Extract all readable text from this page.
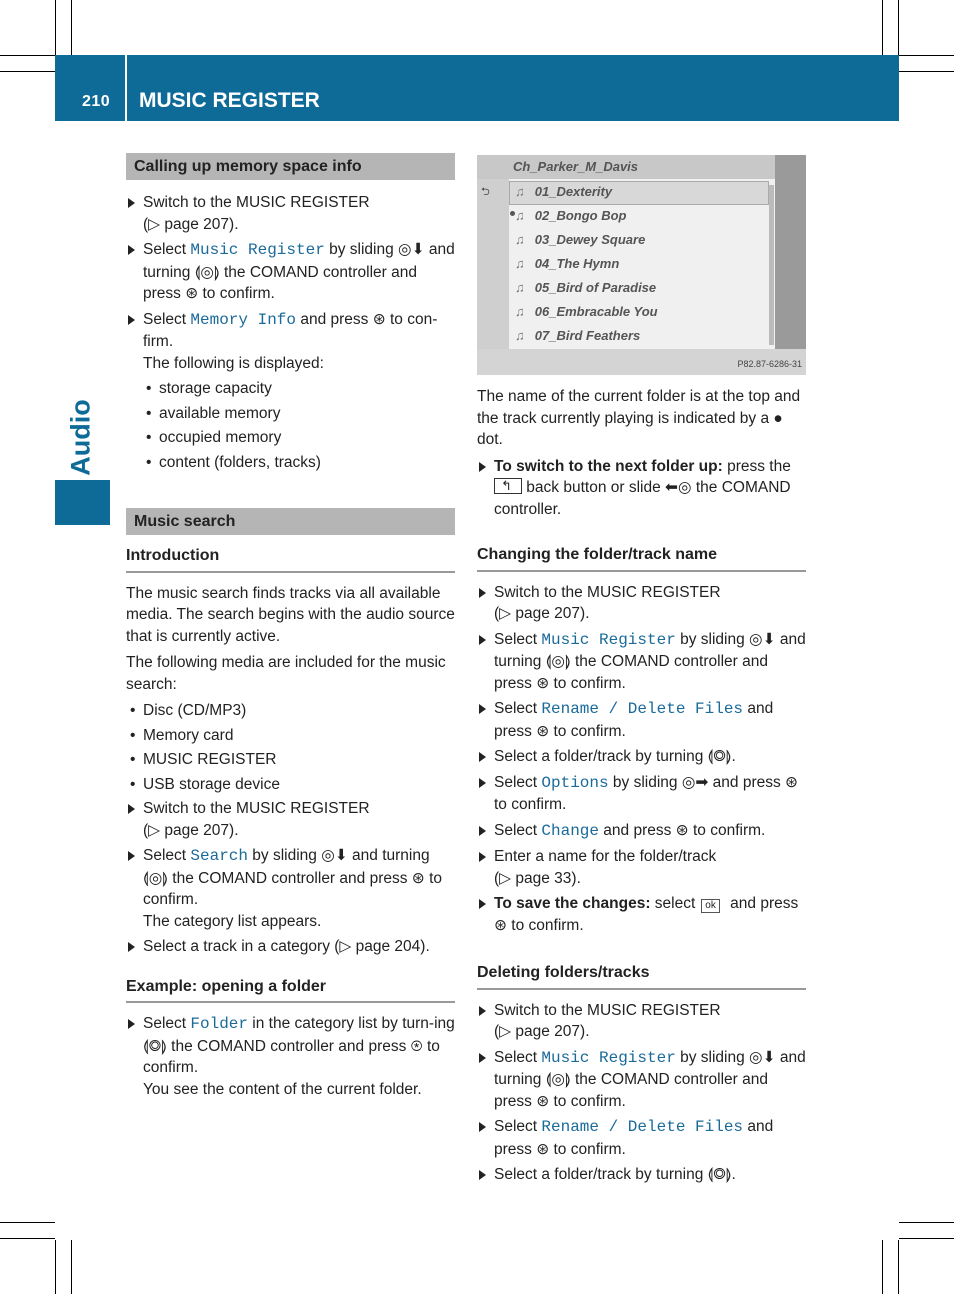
210 MUSIC REGISTER
Audio
Calling up memory space info
Switch to the MUSIC REGISTER
(▷ page 207).
Select Music Register by sliding ◎⬇ and turning ⟬◎⟭ the COMAND controller and press ⊛ to confirm.
Select Memory Info and press ⊛ to con-firm.
The following is displayed:
• storage capacity
• available memory
• occupied memory
• content (folders, tracks)
Music search
Introduction

The music search finds tracks via all available media. The search begins with the audio source that is currently active.

The following media are included for the music search:

• Disc (CD/MP3)
• Memory card
• MUSIC REGISTER
• USB storage device
Switch to the MUSIC REGISTER
(▷ page 207).
Select Search by sliding ◎⬇ and turning ⟬◎⟭ the COMAND controller and press ⊛ to confirm.
The category list appears.
Select a track in a category (▷ page 204).
Example: opening a folder
Select Folder in the category list by turn-ing ⟬◎⟭ the COMAND controller and press ⊛ to confirm.
You see the content of the current folder.
Ch_Parker_M_Davis
⮌ ♫ 01_Dexterity
♫ 02_Bongo Bop
♫ 03_Dewey Square
♫ 04_The Hymn
♫ 05_Bird of Paradise
♫ 06_Embracable You
♫ 07_Bird Feathers
P82.87-6286-31

The name of the current folder is at the top and the track currently playing is indicated by a ● dot.

To switch to the next folder up: press the
↰ back button or slide ⬅◎ the COMAND controller.
Changing the folder/track name
Switch to the MUSIC REGISTER
(▷ page 207).
Select Music Register by sliding ◎⬇ and turning ⟬◎⟭ the COMAND controller and press ⊛ to confirm.
Select Rename / Delete Files and press ⊛ to confirm.
Select a folder/track by turning ⟬◎⟭.
Select Options by sliding ◎➡ and press ⊛ to confirm.
Select Change and press ⊛ to confirm.
Enter a name for the folder/track
(▷ page 33).
To save the changes: select ok and press ⊛ to confirm.
Deleting folders/tracks
Switch to the MUSIC REGISTER
(▷ page 207).
Select Music Register by sliding ◎⬇ and turning ⟬◎⟭ the COMAND controller and press ⊛ to confirm.
Select Rename / Delete Files and press ⊛ to confirm.
Select a folder/track by turning ⟬◎⟭.
